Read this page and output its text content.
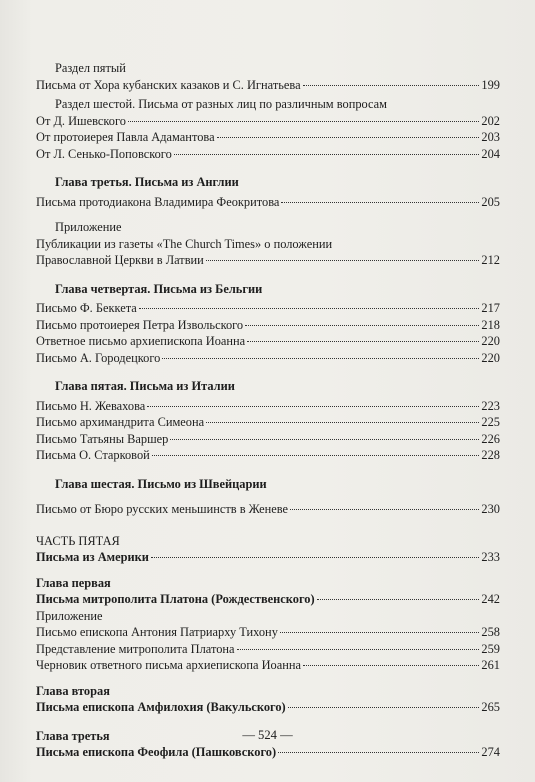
Раздел пятый
Письма от Хора кубанских казаков и С. Игнатьева	199
Раздел шестой. Письма от разных лиц по различным вопросам
От Д. Ишевского	202
От протоиерея Павла Адамантова	203
От Л. Сенько-Поповского	204
Глава третья. Письма из Англии
Письма протодиакона Владимира Феокритова	205
Приложение
Публикации из газеты «The Church Times» о положении
Православной Церкви в Латвии	212
Глава четвертая. Письма из Бельгии
Письмо Ф. Беккета	217
Письмо протоиерея Петра Извольского	218
Ответное письмо архиепископа Иоанна	220
Письмо А. Городецкого	220
Глава пятая. Письма из Италии
Письмо Н. Жевахова	223
Письмо архимандрита Симеона	225
Письмо Татьяны Варшер	226
Письма О. Старковой	228
Глава шестая. Письмо из Швейцарии
Письмо от Бюро русских меньшинств в Женеве	230
ЧАСТЬ ПЯТАЯ
Письма из Америки	233
Глава первая
Письма митрополита Платона (Рождественского)	242
Приложение
Письмо епископа Антония Патриарху Тихону	258
Представление митрополита Платона	259
Черновик ответного письма архиепископа Иоанна	261
Глава вторая
Письма епископа Амфилохия (Вакульского)	265
Глава третья
Письма епископа Феофила (Пашковского)	274
— 524 —
